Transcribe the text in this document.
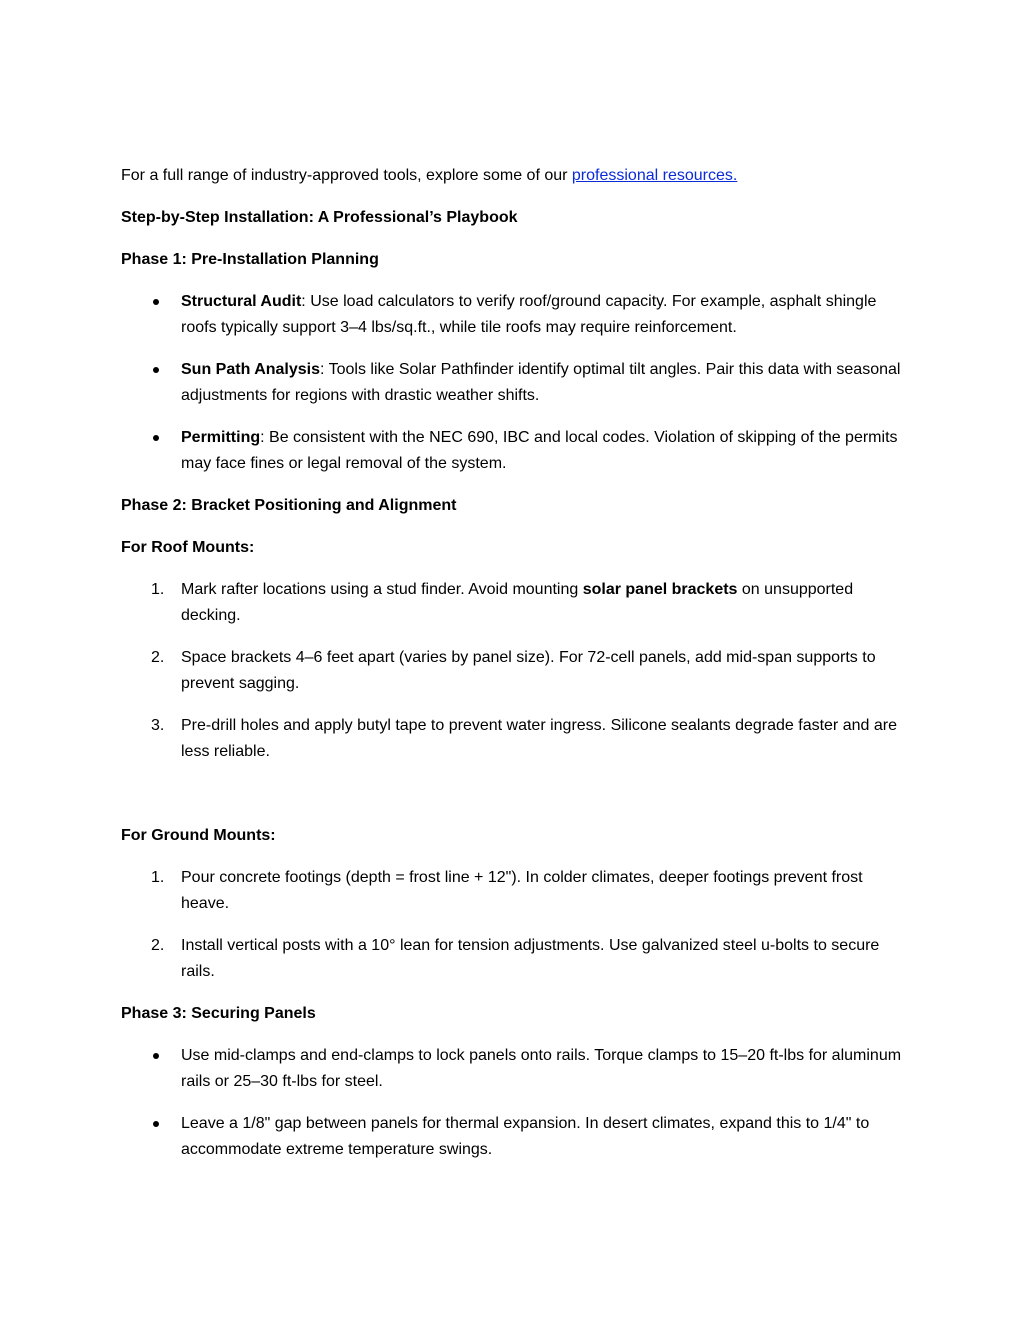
For a full range of industry-approved tools, explore some of our professional resources.

Step-by-Step Installation: A Professional’s Playbook

Phase 1: Pre-Installation Planning

Structural Audit: Use load calculators to verify roof/ground capacity. For example, asphalt shingle roofs typically support 3–4 lbs/sq.ft., while tile roofs may require reinforcement.
Sun Path Analysis: Tools like Solar Pathfinder identify optimal tilt angles. Pair this data with seasonal adjustments for regions with drastic weather shifts.
Permitting: Be consistent with the NEC 690, IBC and local codes. Violation of skipping of the permits may face fines or legal removal of the system.

Phase 2: Bracket Positioning and Alignment

For Roof Mounts:

1.	Mark rafter locations using a stud finder. Avoid mounting solar panel brackets on unsupported decking.
2.	Space brackets 4–6 feet apart (varies by panel size). For 72-cell panels, add mid-span supports to prevent sagging.
3.	Pre-drill holes and apply butyl tape to prevent water ingress. Silicone sealants degrade faster and are less reliable.

For Ground Mounts:

1.	Pour concrete footings (depth = frost line + 12"). In colder climates, deeper footings prevent frost heave.
2.	Install vertical posts with a 10° lean for tension adjustments. Use galvanized steel u-bolts to secure rails.

Phase 3: Securing Panels

Use mid-clamps and end-clamps to lock panels onto rails. Torque clamps to 15–20 ft-lbs for aluminum rails or 25–30 ft-lbs for steel.
Leave a 1/8" gap between panels for thermal expansion. In desert climates, expand this to 1/4" to accommodate extreme temperature swings.
